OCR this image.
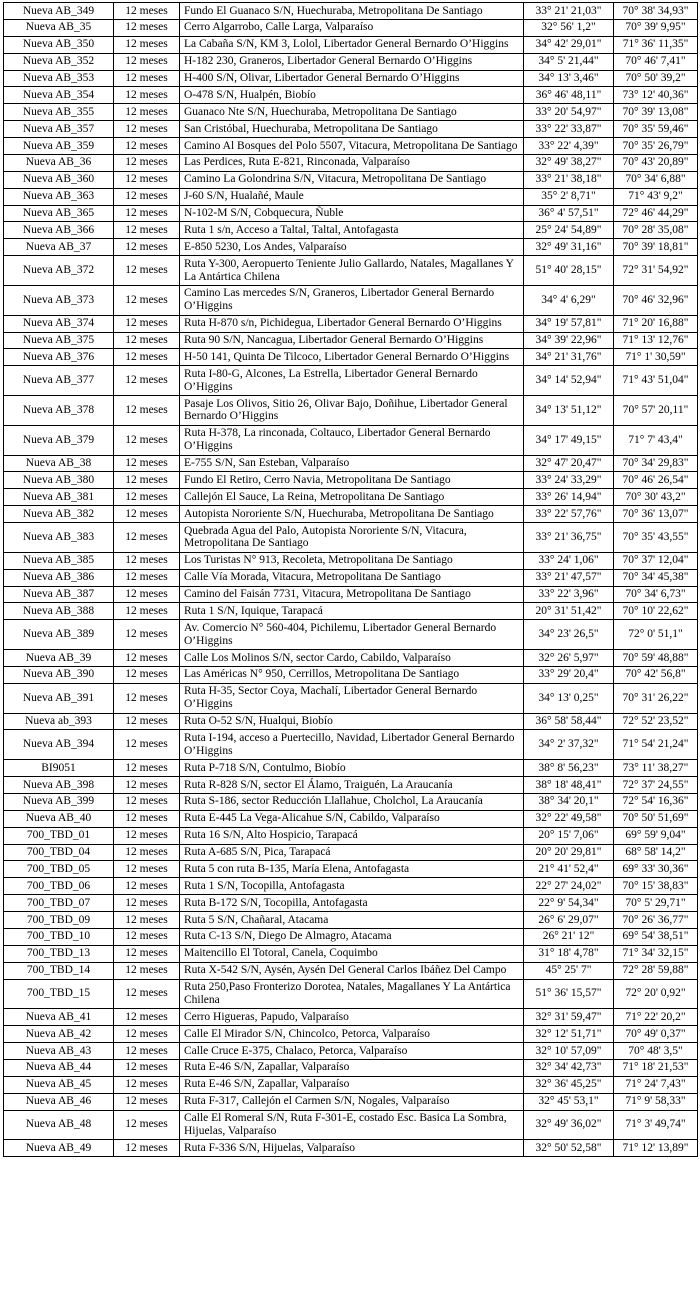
Nueva AB_349	12 meses	Fundo El Guanaco S/N, Huechuraba, Metropolitana De Santiago	33° 21' 21,03"	70° 38' 34,93"
Nueva AB_35	12 meses	Cerro Algarrobo, Calle Larga, Valparaíso	32° 56' 1,2"	70° 39' 9,95"
Nueva AB_350	12 meses	La Cabaña S/N, KM 3, Lolol, Libertador General Bernardo O’Higgins	34° 42' 29,01"	71° 36' 11,35"
Nueva AB_352	12 meses	H-182 230, Graneros, Libertador General Bernardo O’Higgins	34° 5' 21,44"	70° 46' 7,41"
Nueva AB_353	12 meses	H-400 S/N, Olivar, Libertador General Bernardo O’Higgins	34° 13' 3,46"	70° 50' 39,2"
Nueva AB_354	12 meses	O-478 S/N, Hualpén, Biobío	36° 46' 48,11"	73° 12' 40,36"
Nueva AB_355	12 meses	Guanaco Nte S/N, Huechuraba, Metropolitana De Santiago	33° 20' 54,97"	70° 39' 13,08"
Nueva AB_357	12 meses	San Cristóbal, Huechuraba, Metropolitana De Santiago	33° 22' 33,87"	70° 35' 59,46"
Nueva AB_359	12 meses	Camino Al Bosques del Polo 5507, Vitacura, Metropolitana De Santiago	33° 22' 4,39"	70° 35' 26,79"
Nueva AB_36	12 meses	Las Perdices, Ruta E-821, Rinconada, Valparaíso	32° 49' 38,27"	70° 43' 20,89"
Nueva AB_360	12 meses	Camino La Golondrina S/N, Vitacura, Metropolitana De Santiago	33° 21' 38,18"	70° 34' 6,88"
Nueva AB_363	12 meses	J-60 S/N, Hualañé, Maule	35° 2' 8,71"	71° 43' 9,2"
Nueva AB_365	12 meses	N-102-M S/N, Cobquecura, Ñuble	36° 4' 57,51"	72° 46' 44,29"
Nueva AB_366	12 meses	Ruta 1 s/n, Acceso a Taltal, Taltal, Antofagasta	25° 24' 54,89"	70° 28' 35,08"
Nueva AB_37	12 meses	E-850 5230, Los Andes, Valparaíso	32° 49' 31,16"	70° 39' 18,81"
Nueva AB_372	12 meses	Ruta Y-300, Aeropuerto Teniente Julio Gallardo, Natales, Magallanes Y La Antártica Chilena	51° 40' 28,15"	72° 31' 54,92"
Nueva AB_373	12 meses	Camino Las mercedes S/N, Graneros, Libertador General Bernardo O’Higgins	34° 4' 6,29"	70° 46' 32,96"
Nueva AB_374	12 meses	Ruta H-870 s/n, Pichidegua, Libertador General Bernardo O’Higgins	34° 19' 57,81"	71° 20' 16,88"
Nueva AB_375	12 meses	Ruta 90 S/N, Nancagua, Libertador General Bernardo O’Higgins	34° 39' 22,96"	71° 13' 12,76"
Nueva AB_376	12 meses	H-50 141, Quinta De Tilcoco, Libertador General Bernardo O’Higgins	34° 21' 31,76"	71° 1' 30,59"
Nueva AB_377	12 meses	Ruta I-80-G, Alcones, La Estrella, Libertador General Bernardo O’Higgins	34° 14' 52,94"	71° 43' 51,04"
Nueva AB_378	12 meses	Pasaje Los Olivos, Sitio 26, Olivar Bajo, Doñihue, Libertador General Bernardo O’Higgins	34° 13' 51,12"	70° 57' 20,11"
Nueva AB_379	12 meses	Ruta H-378, La rinconada, Coltauco, Libertador General Bernardo O’Higgins	34° 17' 49,15"	71° 7' 43,4"
Nueva AB_38	12 meses	E-755 S/N, San Esteban, Valparaíso	32° 47' 20,47"	70° 34' 29,83"
Nueva AB_380	12 meses	Fundo El Retiro, Cerro Navia, Metropolitana De Santiago	33° 24' 33,29"	70° 46' 26,54"
Nueva AB_381	12 meses	Callejón El Sauce, La Reina, Metropolitana De Santiago	33° 26' 14,94"	70° 30' 43,2"
Nueva AB_382	12 meses	Autopista Nororiente S/N, Huechuraba, Metropolitana De Santiago	33° 22' 57,76"	70° 36' 13,07"
Nueva AB_383	12 meses	Quebrada Agua del Palo, Autopista Nororiente S/N, Vitacura, Metropolitana De Santiago	33° 21' 36,75"	70° 35' 43,55"
Nueva AB_385	12 meses	Los Turistas N° 913, Recoleta, Metropolitana De Santiago	33° 24' 1,06"	70° 37' 12,04"
Nueva AB_386	12 meses	Calle Vía Morada, Vitacura, Metropolitana De Santiago	33° 21' 47,57"	70° 34' 45,38"
Nueva AB_387	12 meses	Camino del Faisán 7731, Vitacura, Metropolitana De Santiago	33° 22' 3,96"	70° 34' 6,73"
Nueva AB_388	12 meses	Ruta 1 S/N, Iquique, Tarapacá	20° 31' 51,42"	70° 10' 22,62"
Nueva AB_389	12 meses	Av. Comercio N° 560-404, Pichilemu, Libertador General Bernardo O’Higgins	34° 23' 26,5"	72° 0' 51,1"
Nueva AB_39	12 meses	Calle Los Molinos S/N, sector Cardo, Cabildo, Valparaíso	32° 26' 5,97"	70° 59' 48,88"
Nueva AB_390	12 meses	Las Américas N° 950, Cerrillos, Metropolitana De Santiago	33° 29' 20,4"	70° 42' 56,8"
Nueva AB_391	12 meses	Ruta H-35, Sector Coya, Machalí, Libertador General Bernardo O’Higgins	34° 13' 0,25"	70° 31' 26,22"
Nueva ab_393	12 meses	Ruta O-52 S/N, Hualqui, Biobío	36° 58' 58,44"	72° 52' 23,52"
Nueva AB_394	12 meses	Ruta I-194, acceso a Puertecillo, Navidad, Libertador General Bernardo O’Higgins	34° 2' 37,32"	71° 54' 21,24"
BI9051	12 meses	Ruta P-718 S/N, Contulmo, Biobío	38° 8' 56,23"	73° 11' 38,27"
Nueva AB_398	12 meses	Ruta R-828 S/N, sector El Álamo, Traiguén, La Araucanía	38° 18' 48,41"	72° 37' 24,55"
Nueva AB_399	12 meses	Ruta S-186, sector Reducción Llallahue, Cholchol, La Araucanía	38° 34' 20,1"	72° 54' 16,36"
Nueva AB_40	12 meses	Ruta E-445 La Vega-Alicahue S/N, Cabildo, Valparaíso	32° 22' 49,58"	70° 50' 51,69"
700_TBD_01	12 meses	Ruta 16 S/N, Alto Hospicio, Tarapacá	20° 15' 7,06"	69° 59' 9,04"
700_TBD_04	12 meses	Ruta A-685 S/N, Pica, Tarapacá	20° 20' 29,81"	68° 58' 14,2"
700_TBD_05	12 meses	Ruta 5 con ruta B-135, María Elena, Antofagasta	21° 41' 52,4"	69° 33' 30,36"
700_TBD_06	12 meses	Ruta 1 S/N, Tocopilla, Antofagasta	22° 27' 24,02"	70° 15' 38,83"
700_TBD_07	12 meses	Ruta B-172 S/N, Tocopilla, Antofagasta	22° 9' 54,34"	70° 5' 29,71"
700_TBD_09	12 meses	Ruta 5 S/N, Chañaral, Atacama	26° 6' 29,07"	70° 26' 36,77"
700_TBD_10	12 meses	Ruta C-13 S/N, Diego De Almagro, Atacama	26° 21' 12"	69° 54' 38,51"
700_TBD_13	12 meses	Maitencillo El Totoral, Canela, Coquimbo	31° 18' 4,78"	71° 34' 32,15"
700_TBD_14	12 meses	Ruta X-542 S/N, Aysén, Aysén Del General Carlos Ibáñez Del Campo	45° 25' 7"	72° 28' 59,88"
700_TBD_15	12 meses	Ruta 250,Paso Fronterizo Dorotea, Natales, Magallanes Y La Antártica Chilena	51° 36' 15,57"	72° 20' 0,92"
Nueva AB_41	12 meses	Cerro Higueras, Papudo, Valparaíso	32° 31' 59,47"	71° 22' 20,2"
Nueva AB_42	12 meses	Calle El Mirador S/N, Chincolco, Petorca, Valparaíso	32° 12' 51,71"	70° 49' 0,37"
Nueva AB_43	12 meses	Calle Cruce E-375, Chalaco, Petorca, Valparaíso	32° 10' 57,09"	70° 48' 3,5"
Nueva AB_44	12 meses	Ruta E-46 S/N, Zapallar, Valparaíso	32° 34' 42,73"	71° 18' 21,53"
Nueva AB_45	12 meses	Ruta E-46 S/N, Zapallar, Valparaíso	32° 36' 45,25"	71° 24' 7,43"
Nueva AB_46	12 meses	Ruta F-317, Callejón el Carmen S/N, Nogales, Valparaíso	32° 45' 53,1"	71° 9' 58,33"
Nueva AB_48	12 meses	Calle El Romeral S/N, Ruta F-301-E, costado Esc. Basica La Sombra, Hijuelas, Valparaíso	32° 49' 36,02"	71° 3' 49,74"
Nueva AB_49	12 meses	Ruta F-336 S/N, Hijuelas, Valparaíso	32° 50' 52,58"	71° 12' 13,89"
